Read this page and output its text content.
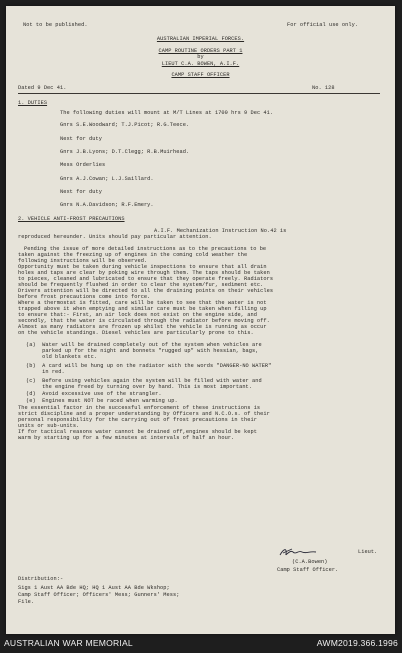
Not to be published.	For official use only.
AUSTRALIAN IMPERIAL FORCES.
CAMP ROUTINE ORDERS PART 1
by
LIEUT C.A. BOWEN, A.I.F.
CAMP STAFF OFFICER
Dated 9 Dec 41.	No. 128
1. DUTIES
The following duties will mount at M/T Lines at 1700 hrs 9 Dec 41.
Gnrs S.E.Woodward; T.J.Picot; R.G.Teece.
Next for duty
Gnrs J.B.Lyons; D.T.Clegg; R.B.Muirhead.
Mess Orderlies
Gnrs A.J.Cowan; L.J.Saillard.
Next for duty
Gnrs N.A.Davidson; R.F.Emery.
2. VEHICLE ANTI-FROST PRECAUTIONS
A.I.F. Mechanization Instruction No.42 is
reproduced hereunder. Units should pay particular attention.
Pending the issue of more detailed instructions as to the precautions to be
taken against the freezing up of engines in the coming cold weather the
following instructions will be observed.
Opportunity must be taken during vehicle inspections to ensure that all drain
holes and taps are clear by poking wire through them. The taps should be taken
to pieces, cleaned and lubricated to ensure that they operate freely. Radiators
should be frequently flushed in order to clear the system/fur, sediment etc.
Drivers attention will be directed to all the draining points on their vehicles
before frost precautions come into force.
Where a thermostat is fitted, care will be taken to see that the water is not
trapped above it when emptying and similar care must be taken when filling up
to ensure that:- First, an air lock does not exist on the engine side, and
secondly, that the water is circulated through the radiator before moving off.
Almost as many radiators are frozen up whilst the vehicle is running as occur
on the vehicle standings. Diesel vehicles are particularly prone to this.
(a)  Water will be drained completely out of the system when vehicles are
parked up for the night and bonnets "rugged up" with hessian, bags,
old blankets etc.
(b)  A card will be hung up on the radiator with the words "DANGER-NO WATER"
in red.
(c)  Before using vehicles again the system will be filled with water and
the engine freed by turning over by hand. This is most important.
(d)  Avoid excessive use of the strangler.
(e)  Engines must NOT be raced when warming up.
The essential factor in the successful enforcement of these instructions is
strict discipline and a proper understanding by Officers and N.C.O.s. of their
personal responsibility for the carrying out of frost precautions in their
units or sub-units.
If for tactical reasons water cannot be drained off,engines should be kept
warm by starting up for a few minutes at intervals of half an hour.
Lieut.
(C.A.Bowen)
Camp Staff Officer.
Distribution:-
Sigs 1 Aust AA Bde HQ; HQ 1 Aust AA Bde Wkshop;
Camp Staff Officer; Officers' Mess; Gunners' Mess;
File.
AUSTRALIAN WAR MEMORIAL	AWM2019.366.1996
